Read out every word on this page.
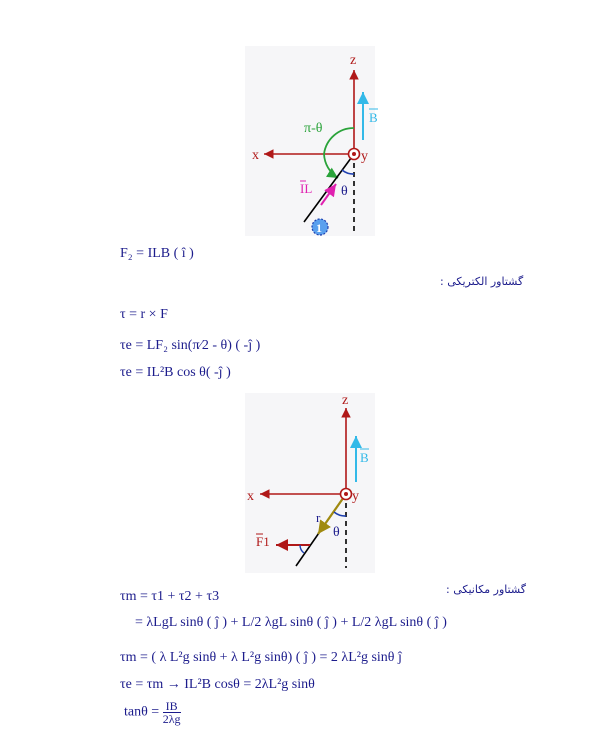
z
x	y
B
π-θ
θ
IL
1
F₂ = ILB ( î )
گشتاور الکتریکی :
τ = r × F
τe = LF₂ sin(π⁄2 - θ) ( -ĵ )
τe = IL²B cos θ( -ĵ )
z
x	y
B
r
θ
F1
گشتاور مکانیکی :
τm = τ1 + τ2 + τ3
= λLgL sinθ ( ĵ ) + L/2 λgL sinθ ( ĵ ) + L/2 λgL sinθ ( ĵ )
τm = ( λ L²g sinθ + λ L²g sinθ) ( ĵ ) = 2 λL²g sinθ ĵ
τe = τm → IL²B cosθ = 2λL²g sinθ
$\tan\theta = \frac{IB}{2\lambda g}$
